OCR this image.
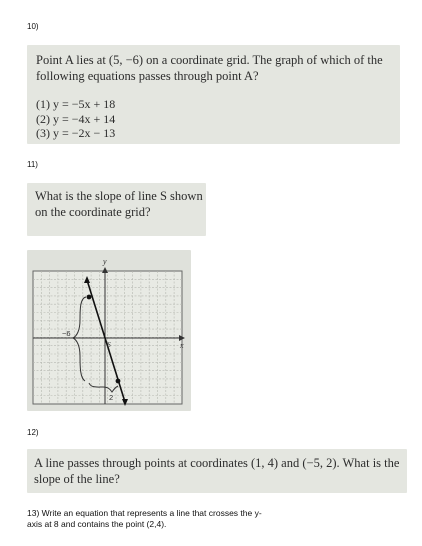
10)
Point A lies at (5, −6) on a coordinate grid. The graph of which of the following equations passes through point A?
(1) y = −5x + 18
(2) y = −4x + 14
(3) y = −2x − 13
11)
What is the slope of line S shown on the coordinate grid?
y
x
−6
2
S
12)
A line passes through points at coordinates (1, 4) and (−5, 2). What is the slope of the line?
13) Write an equation that represents a line that crosses the y-axis at 8 and contains the point (2,4).
